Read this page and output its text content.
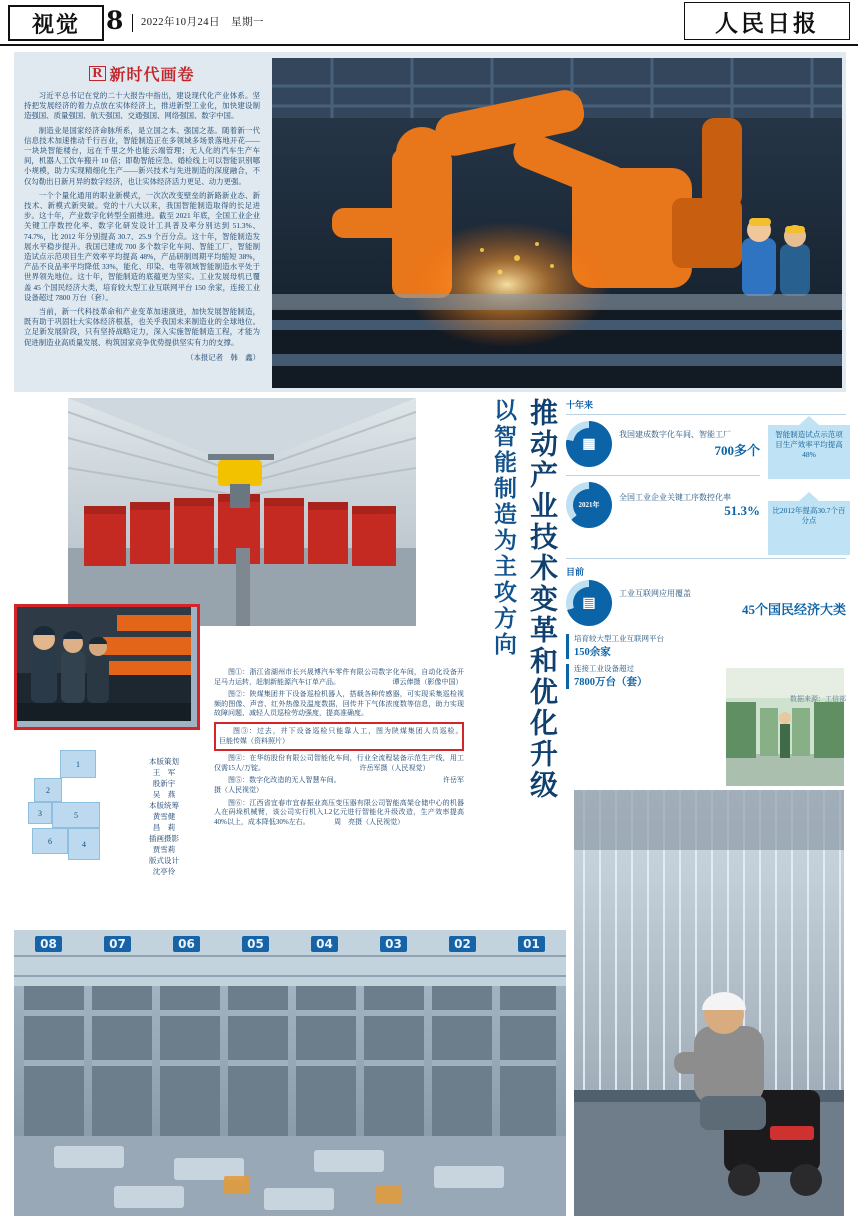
视觉 8	2022年10月24日　星期一	人民日报
R 新时代画卷

习近平总书记在党的二十大报告中指出，建设现代化产业体系。坚持把发展经济的着力点放在实体经济上，推进新型工业化，加快建设制造强国、质量强国、航天强国、交通强国、网络强国、数字中国。

制造业是国家经济命脉所系，是立国之本、强国之基。随着新一代信息技术加速推动千行百业，智能制造正在多领域多场景落地开花——一块块智能楼台，远在千里之外也能云端管理；无人化的汽车生产车间，机器人工饮车搬升 10 倍；即勒智能应急、婚检线上可以智能识别哪小规模，助力实现精细化生产——新兴技术与先进制造的深度融合，不仅勾勒出日新月异的数字经济，也让实体经济活力更足、动力更强。

一个个量化通用的职业新模式，一次次改变壁垒的新路新业态、新技术、新模式新突破。党的十八大以来，我国智能制造取得的长足进步。这十年，产业数字化转型全面推进。截至 2021 年底，全国工业企业关键工序数控化率、数字化研发设计工具普及率分别达到 51.3%、74.7%，比 2012 年分别提高 30.7、25.9 个百分点。这十年，智能制造发展水平稳步提升。我国已建成 700 多个数字化车间、智能工厂，智能制造试点示范项目生产效率平均提高 48%，产品研制周期平均缩短 38%，产品不良品率平均降低 33%，能化、印染、电等领域智能制造水平处于世界领先地位。这十年，智能制造的底蕴更为坚实。工业发展母机已覆盖 45 个国民经济大类，培育较大型工业互联网平台 150 余家，连接工业设备超过 7800 万台（套）。

当前，新一代科技革命和产业变革加速演进，加快发展智能制造，既有助于巩固壮大实体经济根基，也关乎我国未来制造业的全球地位。立足新发展阶段，只有坚持战略定力，深入实施智能制造工程，才能为促进制造业高质量发展、构筑国家竞争优势提供坚实有力的支撑。

（本报记者　韩　鑫）
08	07	06	05	04	03	02	01
推动产业技术变革和优化升级
以智能制造为主攻方向	十年来
▦
我国建成数字化车间、智能工厂
700多个
2021年
全国工业企业关键工序数控化率
51.3%
智能制造试点示范项目生产效率平均提高48%
比2012年提高30.7个百分点
目前
▤
工业互联网应用覆盖
45个国民经济大类
培育较大型工业互联网平台
150余家
连接工业设备超过
7800万台（套）
数据来源：工信部

图①：浙江省湖州市长兴晟博汽车零件有限公司数字化车间，自动化设备开足马力运转，赶制新能源汽车订单产品。　　　　　　　　谭云俸摄（影像中国）

图②：陕煤集团井下设备巡检机器人，搭载各种传感器，可实现采集巡检视频的图像、声音、红外热像及温度数据，回传井下气体浓度数等信息，助力实现故障问题、减轻人员巡检劳动强度，提高准确度。

图③：过去，井下设备巡检只能靠人工，图为陕煤集团﻿﻿﻿﻿﻿人员巡检。　　　　巨能传媒（资料照片）

图④：在华纺股份有限公司智能化车间，行业全流程装备示范生产线，用工仅需15人/万锭。　　　　　　　　　　　　　　许岳军摄（人民视觉）

图⑤：数字化改造的无人智慧车间。　　　　　　　　　　　　　　　许岳军摄（人民视觉）

图⑥：江西省宜春市宜春振业高压变压器有限公司智能高架仓储中心的机器人在码垛机械臂，该公司实行机入1.2亿元进行智能化升级改造，生产效率提高40%以上，成本降低30%左右。　　　　周　亮摄（人民视觉）

本版策划
王　军
殷新宇
吴　燕
本版统筹
黄雪健
昌　莉
插画摄影
贾雪莉
版式设计
沈亭伶
1
2
3	5
6	4
